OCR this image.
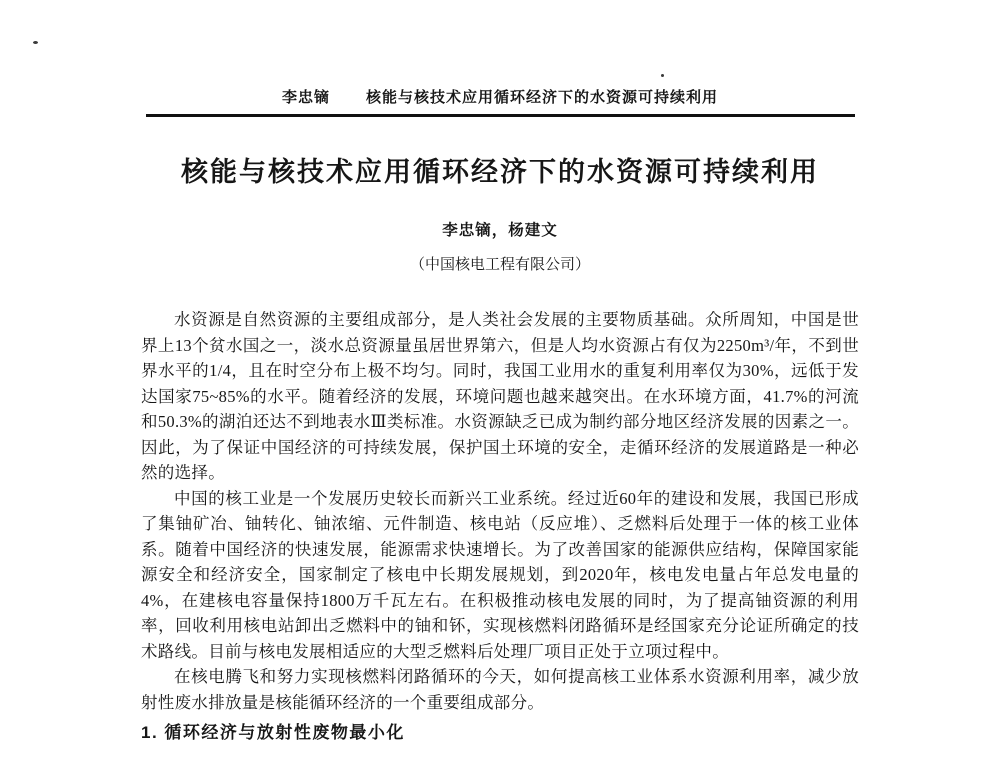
李忠镝 核能与核技术应用循环经济下的水资源可持续利用
核能与核技术应用循环经济下的水资源可持续利用
李忠镝，杨建文
（中国核电工程有限公司）

水资源是自然资源的主要组成部分，是人类社会发展的主要物质基础。众所周知，中国是世界上13个贫水国之一，淡水总资源量虽居世界第六，但是人均水资源占有仅为2250m³/年，不到世界水平的1/4，且在时空分布上极不均匀。同时，我国工业用水的重复利用率仅为30%，远低于发达国家75~85%的水平。随着经济的发展，环境问题也越来越突出。在水环境方面，41.7%的河流和50.3%的湖泊还达不到地表水Ⅲ类标准。水资源缺乏已成为制约部分地区经济发展的因素之一。因此，为了保证中国经济的可持续发展，保护国土环境的安全，走循环经济的发展道路是一种必然的选择。

中国的核工业是一个发展历史较长而新兴工业系统。经过近60年的建设和发展，我国已形成了集铀矿冶、铀转化、铀浓缩、元件制造、核电站（反应堆）、乏燃料后处理于一体的核工业体系。随着中国经济的快速发展，能源需求快速增长。为了改善国家的能源供应结构，保障国家能源安全和经济安全，国家制定了核电中长期发展规划，到2020年，核电发电量占年总发电量的4%，在建核电容量保持1800万千瓦左右。在积极推动核电发展的同时，为了提高铀资源的利用率，回收利用核电站卸出乏燃料中的铀和钚，实现核燃料闭路循环是经国家充分论证所确定的技术路线。目前与核电发展相适应的大型乏燃料后处理厂项目正处于立项过程中。

在核电腾飞和努力实现核燃料闭路循环的今天，如何提高核工业体系水资源利用率，减少放射性废水排放量是核能循环经济的一个重要组成部分。

1. 循环经济与放射性废物最小化
